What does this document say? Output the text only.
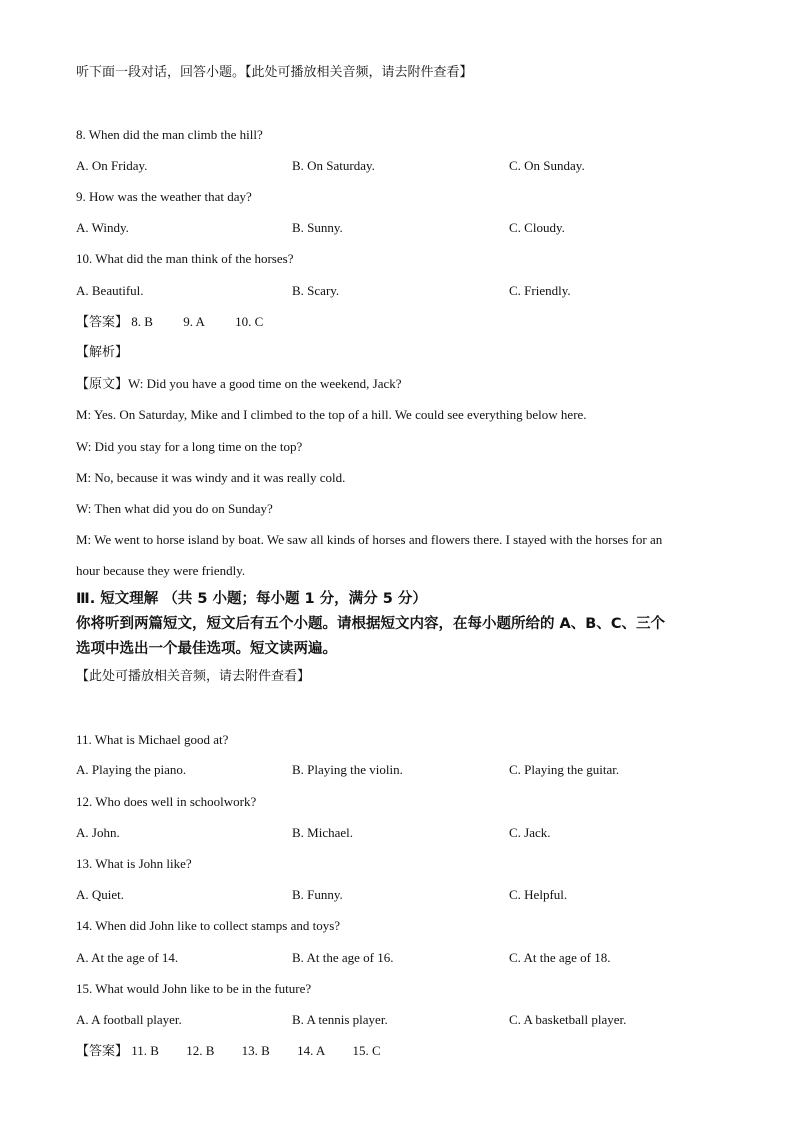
听下面一段对话，回答小题。【此处可播放相关音频，请去附件查看】
8. When did the man climb the hill?
A. On Friday.	B. On Saturday.	C. On Sunday.
9. How was the weather that day?
A. Windy.	B. Sunny.	C. Cloudy.
10. What did the man think of the horses?
A. Beautiful.	B. Scary.	C. Friendly.
【答案】 8. B 9. A 10. C
【解析】
【原文】W: Did you have a good time on the weekend, Jack?
M: Yes. On Saturday, Mike and I climbed to the top of a hill. We could see everything below here.
W: Did you stay for a long time on the top?
M: No, because it was windy and it was really cold.
W: Then what did you do on Sunday?
M: We went to horse island by boat. We saw all kinds of horses and flowers there. I stayed with the horses for an
hour because they were friendly.
Ⅲ. 短文理解 （共 5 小题；每小题 1 分，满分 5 分）
你将听到两篇短文，短文后有五个小题。请根据短文内容，在每小题所给的 A、B、C、三个
选项中选出一个最佳选项。短文读两遍。
【此处可播放相关音频，请去附件查看】
11. What is Michael good at?
A. Playing the piano.	B. Playing the violin.	C. Playing the guitar.
12. Who does well in schoolwork?
A. John.	B. Michael.	C. Jack.
13. What is John like?
A. Quiet.	B. Funny.	C. Helpful.
14. When did John like to collect stamps and toys?
A. At the age of 14.	B. At the age of 16.	C. At the age of 18.
15. What would John like to be in the future?
A. A football player.	B. A tennis player.	C. A basketball player.
【答案】 11. B 12. B 13. B 14. A 15. C
